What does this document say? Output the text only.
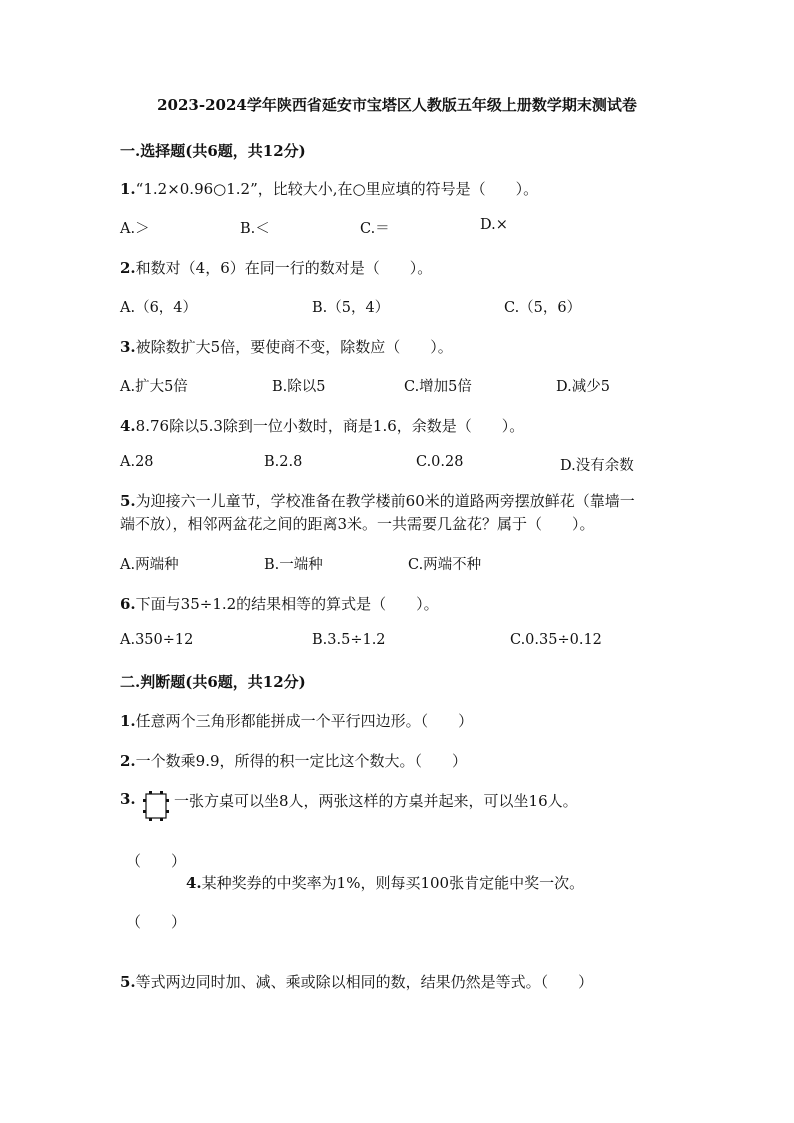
2023-2024学年陕西省延安市宝塔区人教版五年级上册数学期末测试卷
一.选择题(共6题，共12分)
1.“1.2×0.96○1.2”，比较大小,在○里应填的符号是（　　）。
A.＞	B.＜	C.＝	D.×
2.和数对（4，6）在同一行的数对是（　　）。
A.（6，4）	B.（5，4）	C.（5，6）
3.被除数扩大5倍，要使商不变，除数应（　　）。
A.扩大5倍	B.除以5	C.增加5倍	D.减少5
4.8.76除以5.3除到一位小数时，商是1.6，余数是（　　）。
A.28	B.2.8	C.0.28	D.没有余数
5.为迎接六一儿童节，学校准备在教学楼前60米的道路两旁摆放鲜花（靠墙一
端不放），相邻两盆花之间的距离3米。一共需要几盆花？属于（　　）。
A.两端种	B.一端种	C.两端不种
6.下面与35÷1.2的结果相等的算式是（　　）。
A.350÷12	B.3.5÷1.2	C.0.35÷0.12
二.判断题(共6题，共12分)
1.任意两个三角形都能拼成一个平行四边形。（　　）
2.一个数乘9.9，所得的积一定比这个数大。（　　）
3.	一张方桌可以坐8人，两张这样的方桌并起来，可以坐16人。
（　　）
4.某种奖券的中奖率为1%，则每买100张肯定能中奖一次。
（　　）
5.等式两边同时加、减、乘或除以相同的数，结果仍然是等式。（　　）
